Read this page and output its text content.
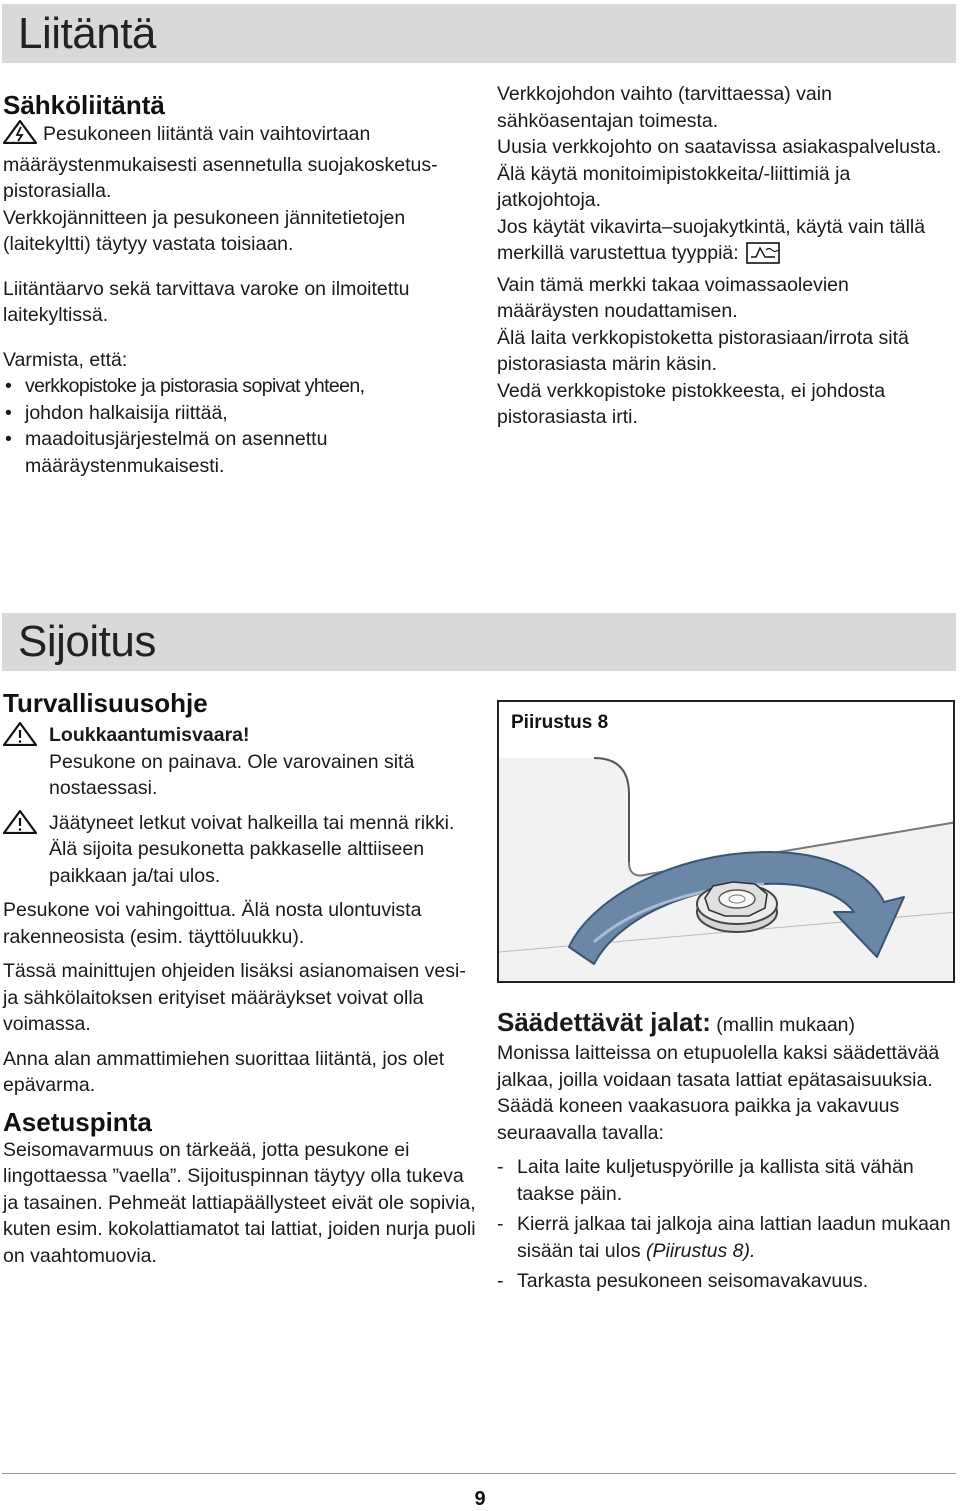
Liitäntä
Sähköliitäntä

Pesukoneen liitäntä vain vaihtovirtaan määräystenmukaisesti asennetulla suojakosketus-pistorasialla.

Verkkojännitteen ja pesukoneen jännitetietojen (laitekyltti) täytyy vastata toisiaan.

Liitäntäarvo sekä tarvittava varoke on ilmoitettu laitekyltissä.

Varmista, että:

• verkkopistoke ja pistorasia sopivat yhteen,
• johdon halkaisija riittää,
• maadoitusjärjestelmä on asennettu määräystenmukaisesti.

Verkkojohdon vaihto (tarvittaessa) vain sähköasentajan toimesta.

Uusia verkkojohto on saatavissa asiakaspalvelusta.

Älä käytä monitoimipistokkeita/-liittimiä ja jatkojohtoja.

Jos käytät vikavirta–suojakytkintä, käytä vain tällä merkillä varustettua tyyppiä:

Vain tämä merkki takaa voimassaolevien määräysten noudattamisen.

Älä laita verkkopistoketta pistorasiaan/irrota sitä pistorasiasta märin käsin.

Vedä verkkopistoke pistokkeesta, ei johdosta pistorasiasta irti.

Sijoitus
Turvallisuusohje

Loukkaantumisvaara!

Pesukone on painava. Ole varovainen sitä nostaessasi.

Jäätyneet letkut voivat halkeilla tai mennä rikki. Älä sijoita pesukonetta pakkaselle alttiiseen paikkaan ja/tai ulos.

Pesukone voi vahingoittua. Älä nosta ulontuvista rakenneosista (esim. täyttöluukku).

Tässä mainittujen ohjeiden lisäksi asianomaisen vesi- ja sähkölaitoksen erityiset määräykset voivat olla voimassa.

Anna alan ammattimiehen suorittaa liitäntä, jos olet epävarma.

Asetuspinta

Seisomavarmuus on tärkeää, jotta pesukone ei lingottaessa ”vaella”. Sijoituspinnan täytyy olla tukeva ja tasainen. Pehmeät lattiapäällysteet eivät ole sopivia, kuten esim. kokolattiamatot tai lattiat, joiden nurja puoli on vaahtomuovia.

Piirustus 8

Säädettävät jalat: (mallin mukaan)

Monissa laitteissa on etupuolella kaksi säädettävää jalkaa, joilla voidaan tasata lattiat epätasaisuuksia. Säädä koneen vaakasuora paikka ja vakavuus seuraavalla tavalla:

- Laita laite kuljetuspyörille ja kallista sitä vähän taakse päin.
- Kierrä jalkaa tai jalkoja aina lattian laadun mukaan sisään tai ulos (Piirustus 8).
- Tarkasta pesukoneen seisomavakavuus.
9
